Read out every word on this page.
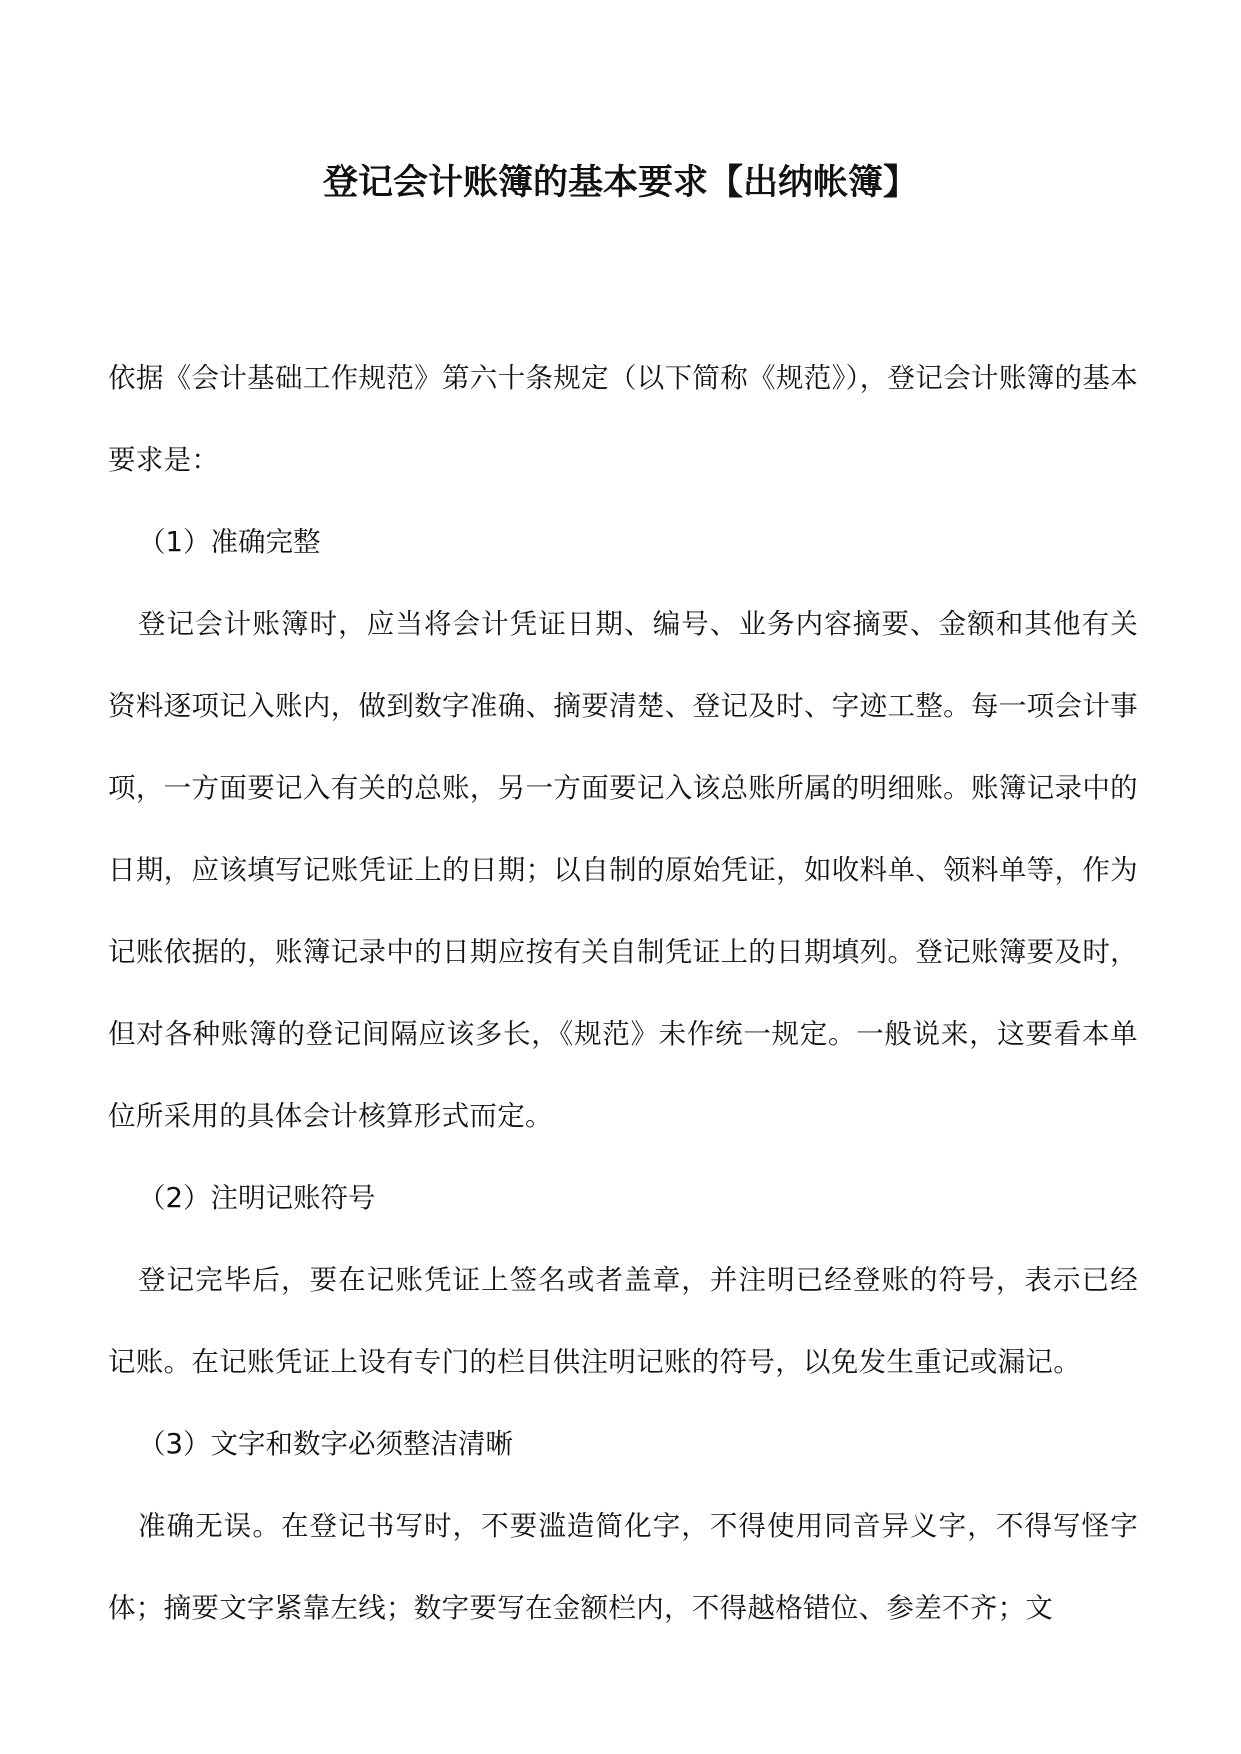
登记会计账簿的基本要求【出纳帐簿】

依据《会计基础工作规范》第六十条规定（以下简称《规范》），登记会计账簿的基本要求是：

（1）准确完整

登记会计账簿时，应当将会计凭证日期、编号、业务内容摘要、金额和其他有关资料逐项记入账内，做到数字准确、摘要清楚、登记及时、字迹工整。每一项会计事项，一方面要记入有关的总账，另一方面要记入该总账所属的明细账。账簿记录中的日期，应该填写记账凭证上的日期；以自制的原始凭证，如收料单、领料单等，作为记账依据的，账簿记录中的日期应按有关自制凭证上的日期填列。登记账簿要及时，但对各种账簿的登记间隔应该多长，《规范》未作统一规定。一般说来，这要看本单位所采用的具体会计核算形式而定。

（2）注明记账符号

登记完毕后，要在记账凭证上签名或者盖章，并注明已经登账的符号，表示已经记账。在记账凭证上设有专门的栏目供注明记账的符号，以免发生重记或漏记。

（3）文字和数字必须整洁清晰

准确无误。在登记书写时，不要滥造简化字，不得使用同音异义字，不得写怪字体；摘要文字紧靠左线；数字要写在金额栏内，不得越格错位、参差不齐；文
